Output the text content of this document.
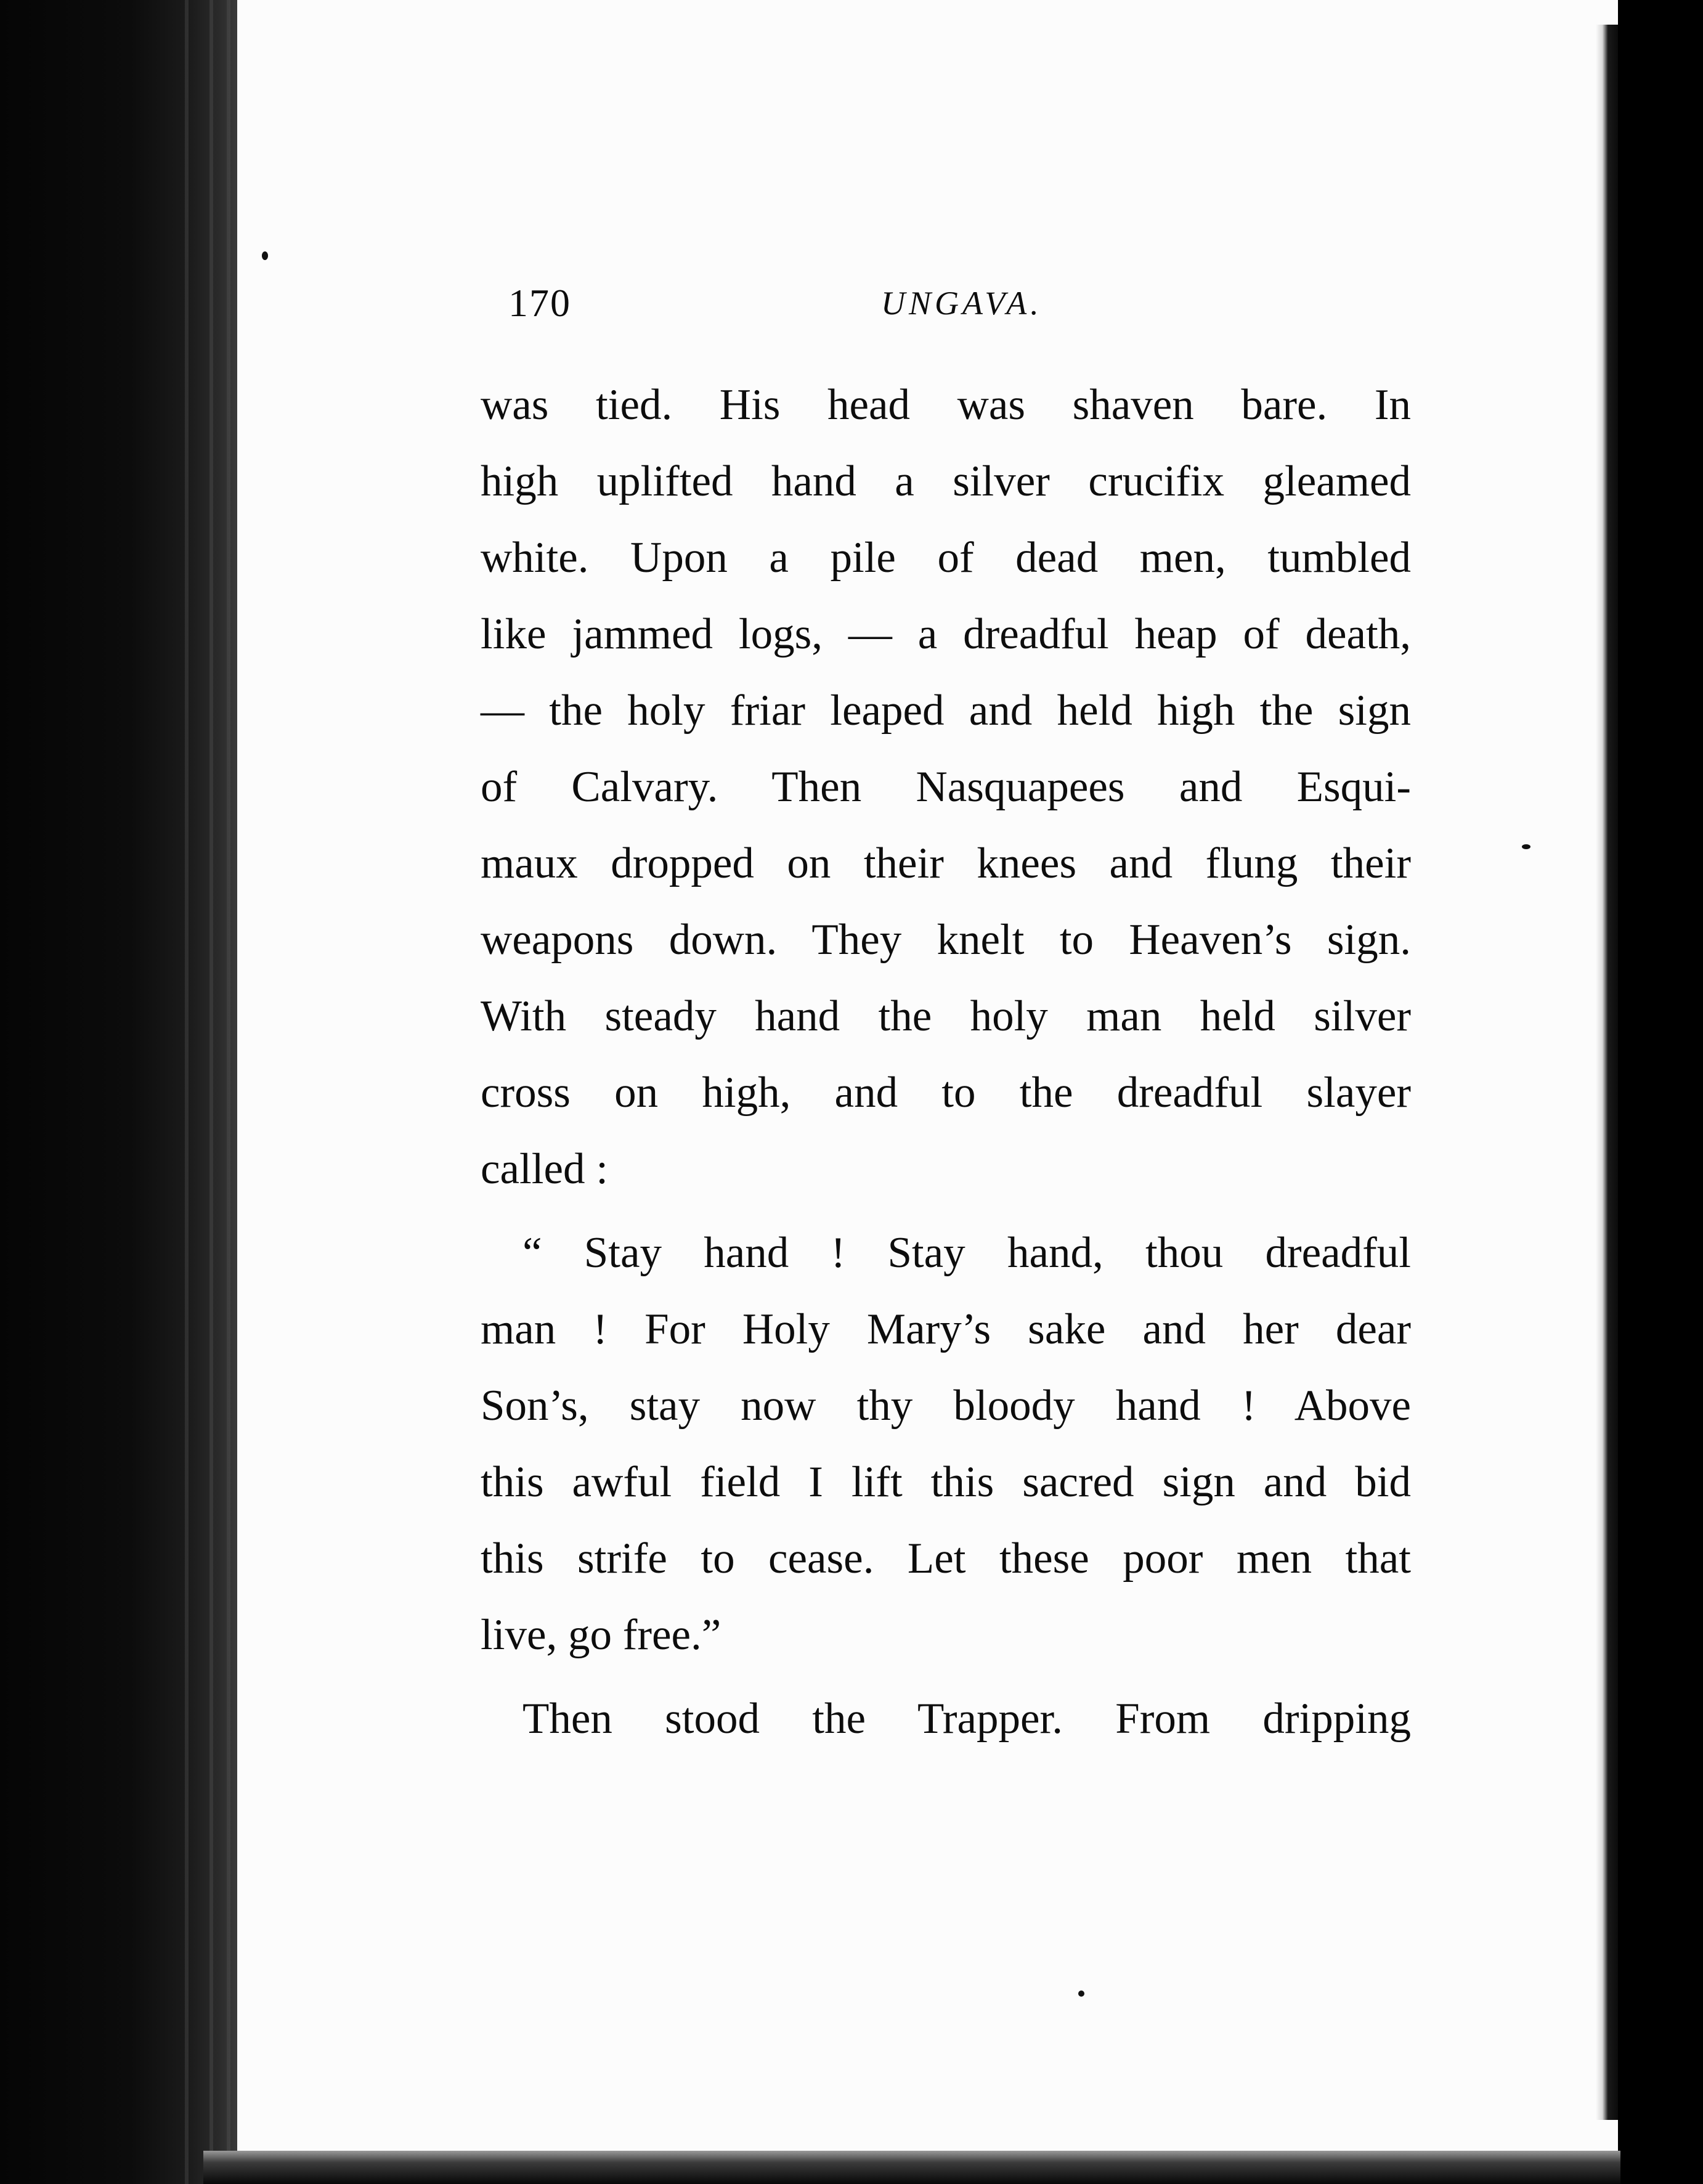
170	UNGAVA.
was tied. His head was shaven bare. In
high uplifted hand a silver crucifix gleamed
white. Upon a pile of dead men, tumbled
like jammed logs, — a dreadful heap of death,
— the holy friar leaped and held high the sign
of Calvary. Then Nasquapees and Esqui-
maux dropped on their knees and flung their
weapons down. They knelt to Heaven’s sign.
With steady hand the holy man held silver
cross on high, and to the dreadful slayer
called :
“ Stay hand ! Stay hand, thou dreadful
man ! For Holy Mary’s sake and her dear
Son’s, stay now thy bloody hand ! Above
this awful field I lift this sacred sign and bid
this strife to cease. Let these poor men that
live, go free.”
Then stood the Trapper. From dripping
